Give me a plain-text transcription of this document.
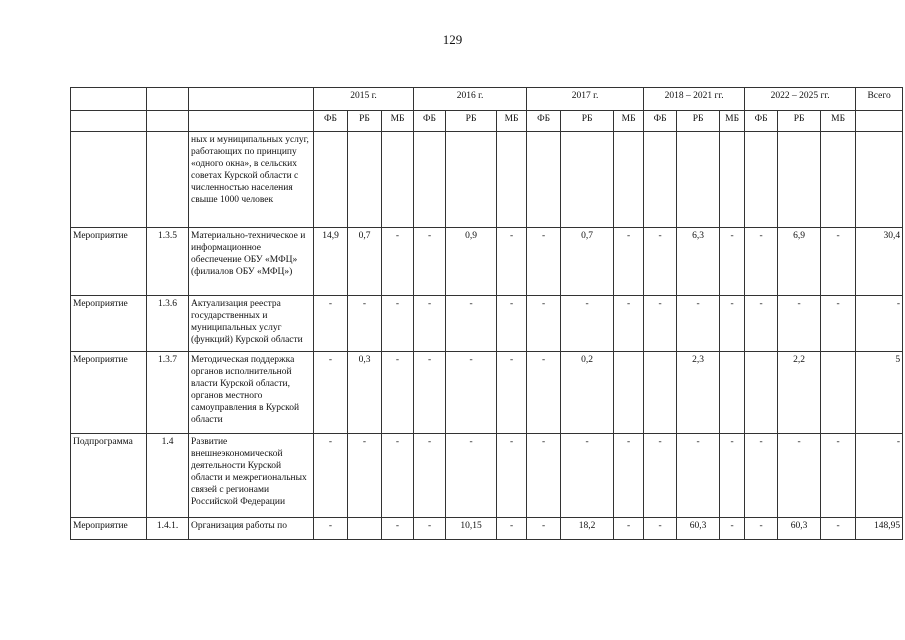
129
			2015 г.			2016 г.			2017 г.			2018 – 2021 гг.			2022 – 2025 гг.			Всего
			ФБ	РБ	МБ	ФБ	РБ	МБ	ФБ	РБ	МБ	ФБ	РБ	МБ	ФБ	РБ	МБ	
		ных и муниципальных услуг, работающих по принципу «одного окна», в сельских советах Курской области с численностью населения свыше 1000 человек																
Мероприятие	1.3.5	Материально-техническое и информационное обеспечение ОБУ «МФЦ» (филиалов ОБУ «МФЦ»)	14,9	0,7	-	-	0,9	-	-	0,7	-	-	6,3	-	-	6,9	-	30,4
Мероприятие	1.3.6	Актуализация реестра государственных и муниципальных услуг (функций) Курской области	-	-	-	-	-	-	-	-	-	-	-	-	-	-	-	-
Мероприятие	1.3.7	Методическая поддержка органов исполнительной власти Курской области, органов местного самоуправления в Курской области	-	0,3	-	-	-	-	-	0,2			2,3			2,2		5
Подпрограмма	1.4	Развитие внешнеэкономической деятельности Курской области и межрегиональных связей с регионами Российской Федерации	-	-	-	-	-	-	-	-	-	-	-	-	-	-	-	-
Мероприятие	1.4.1.	Организация работы по	-		-	-	10,15	-	-	18,2	-	-	60,3	-	-	60,3	-	148,95
